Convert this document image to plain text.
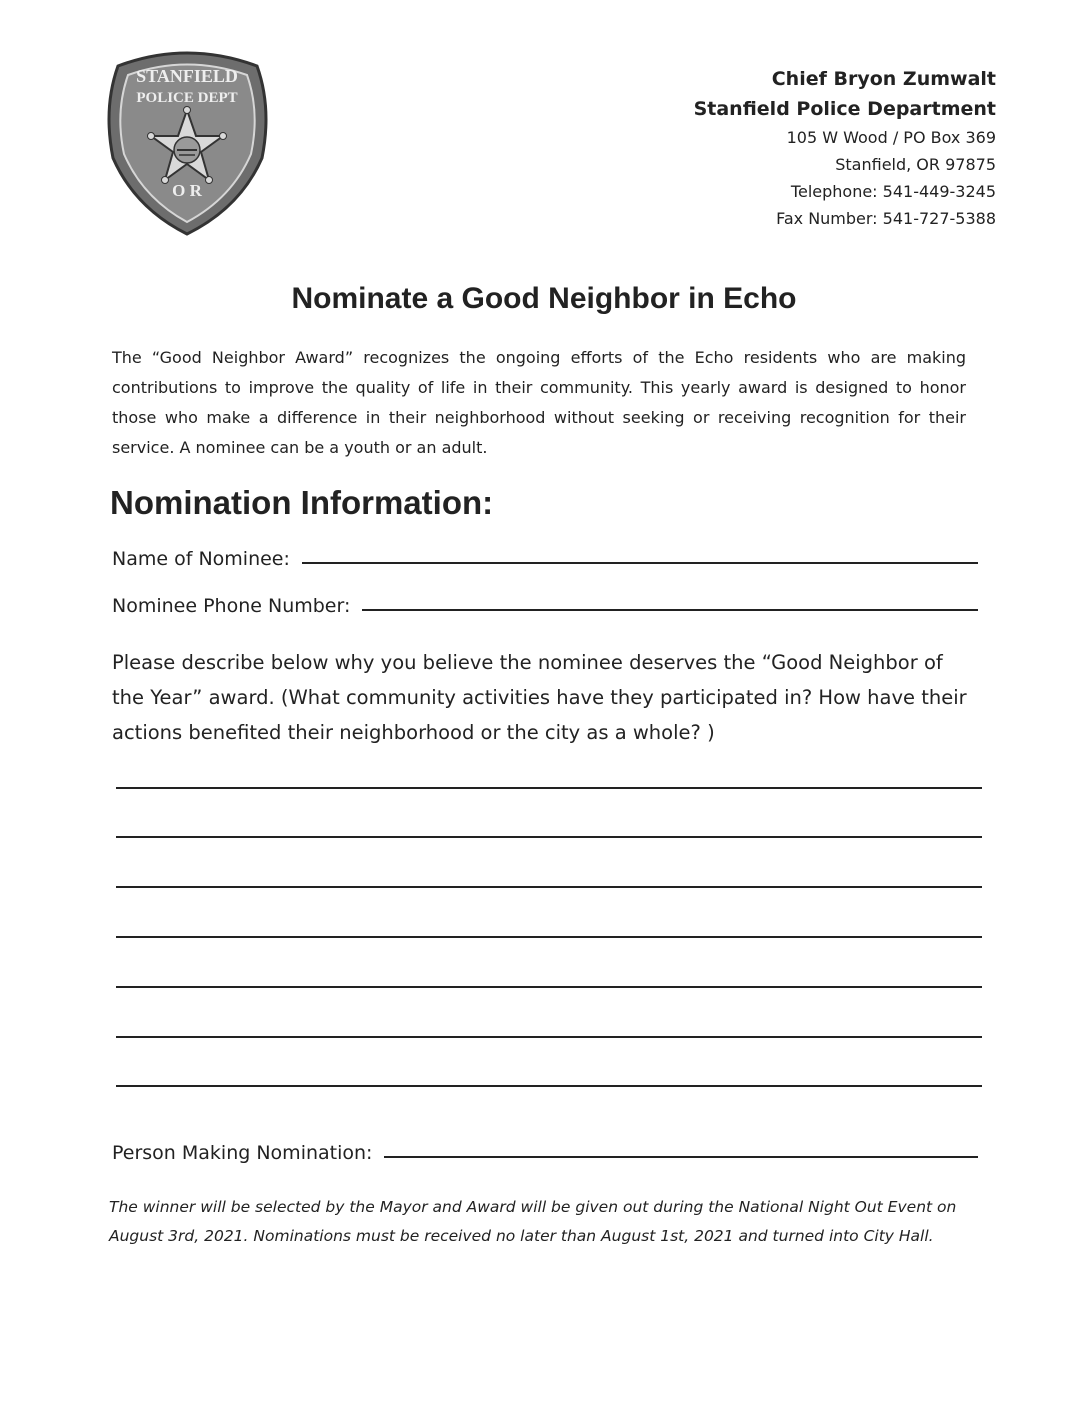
STANFIELD
POLICE DEPT
O R
Chief Bryon Zumwalt
Stanfield Police Department
105 W Wood / PO Box 369
Stanfield, OR 97875
Telephone: 541-449-3245
Fax Number: 541-727-5388
Nominate a Good Neighbor in Echo
The “Good Neighbor Award” recognizes the ongoing efforts of the Echo residents who are making contributions to improve the quality of life in their community. This yearly award is designed to honor those who make a difference in their neighborhood without seeking or receiving recognition for their service. A nominee can be a youth or an adult.
Nomination Information:
Name of Nominee:
Nominee Phone Number:
Please describe below why you believe the nominee deserves the “Good Neighbor of the Year” award. (What community activities have they participated in? How have their actions benefited their neighborhood or the city as a whole? )
Person Making Nomination:
The winner will be selected by the Mayor and Award will be given out during the National Night Out Event on August 3rd, 2021. Nominations must be received no later than August 1st, 2021 and turned into City Hall.
